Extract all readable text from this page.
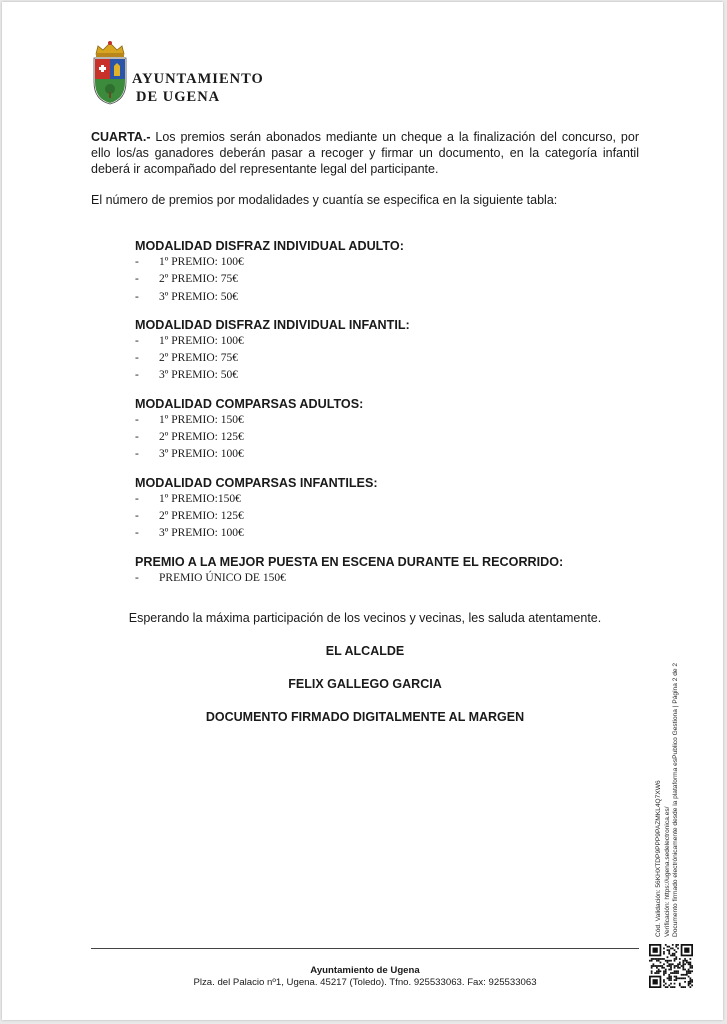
AYUNTAMIENTO
DE UGENA
CUARTA.- Los premios serán abonados mediante un cheque a la finalización del concurso, por ello los/as ganadores deberán pasar a recoger y firmar un documento, en la categoría infantil deberá ir acompañado del representante legal del participante.
El número de premios por modalidades y cuantía se especifica en la siguiente tabla:
MODALIDAD DISFRAZ INDIVIDUAL ADULTO:
- 1º PREMIO: 100€
- 2º PREMIO: 75€
- 3º PREMIO: 50€
MODALIDAD DISFRAZ INDIVIDUAL INFANTIL:
- 1º PREMIO: 100€
- 2º PREMIO: 75€
- 3º PREMIO: 50€
MODALIDAD COMPARSAS ADULTOS:
- 1º PREMIO: 150€
- 2º PREMIO: 125€
- 3º PREMIO: 100€
MODALIDAD COMPARSAS INFANTILES:
- 1º PREMIO:150€
- 2º PREMIO: 125€
- 3º PREMIO: 100€
PREMIO A LA MEJOR PUESTA EN ESCENA DURANTE EL RECORRIDO:
- PREMIO ÚNICO DE 150€
Esperando la máxima participación de los vecinos y vecinas, les saluda atentamente.
EL ALCALDE
FELIX GALLEGO GARCIA
DOCUMENTO FIRMADO DIGITALMENTE AL MARGEN
Cód. Validación: 56KHXTDP9PPP9PAZMKL4Q7XW6 Verificación: https://ugena.sedelectronica.es/ Documento firmado electrónicamente desde la plataforma esPublico Gestiona | Página 2 de 2
Ayuntamiento de Ugena
Plza. del Palacio nº1, Ugena. 45217 (Toledo). Tfno. 925533063. Fax: 925533063
